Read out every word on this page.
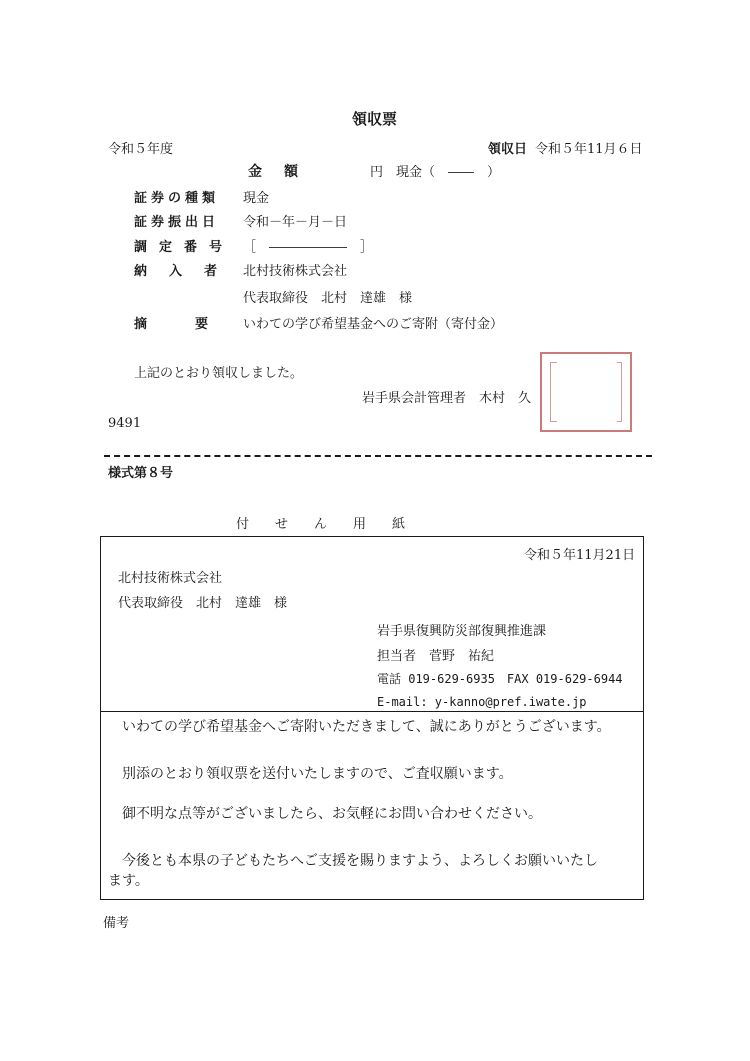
領収票
令和５年度	領収日 令和５年11月６日
金　額	円 現金（　――　）
証券の種類 現金
証券振出日 令和－年－月－日
調定番号 ［　――――――　］
納入者 北村技術株式会社
代表取締役　北村　達雄　様
摘要
いわての学び希望基金へのご寄附（寄付金）
上記のとおり領収しました。
岩手県会計管理者　木村　久
9491
様式第８号
付　　せ　　ん　　用　　紙
令和５年11月21日
北村技術株式会社
代表取締役　北村　達雄　様
岩手県復興防災部復興推進課
担当者　菅野　祐紀
電話 019-629-6935　FAX 019-629-6944
E-mail: y-kanno@pref.iwate.jp
いわての学び希望基金へご寄附いただきまして、誠にありがとうございます。
別添のとおり領収票を送付いたしますので、ご査収願います。
御不明な点等がございましたら、お気軽にお問い合わせください。
今後とも本県の子どもたちへご支援を賜りますよう、よろしくお願いいたし
ます。
備考
